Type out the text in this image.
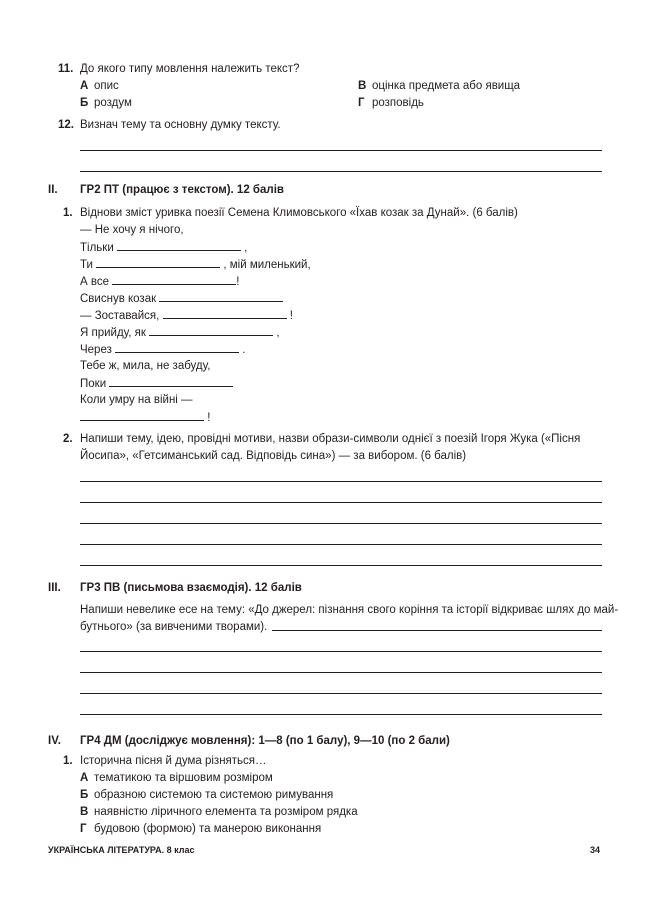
11. До якого типу мовлення належить текст?
А опис
Б роздум
В оцінка предмета або явища
Г розповідь
12. Визнач тему та основну думку тексту.
II. ГР2 ПТ (працює з текстом). 12 балів
1. Віднови зміст уривка поезії Семена Климовського «Їхав козак за Дунай». (6 балів)
— Не хочу я нічого,
Тільки	,
Ти	, мій миленький,
А все	!
Свиснув козак
— Зоставайся,	!
Я прийду, як	,
Через	.
Тебе ж, мила, не забуду,
Поки
Коли умру на війні —
!
2. Напиши тему, ідею, провідні мотиви, назви образи-символи однієї з поезій Ігоря Жука («Пісня
Йосипа», «Гетсиманський сад. Відповідь сина») — за вибором. (6 балів)
III. ГР3 ПВ (письмова взаємодія). 12 балів
Напиши невелике есе на тему: «До джерел: пізнання свого коріння та історії відкриває шлях до май-
бутнього» (за вивченими творами).
IV. ГР4 ДМ (досліджує мовлення): 1—8 (по 1 балу), 9—10 (по 2 бали)
1. Історична пісня й дума різняться…
А тематикою та віршовим розміром
Б образною системою та системою римування
В наявністю ліричного елемента та розміром рядка
Г будовою (формою) та манерою виконання
УКРАЇНСЬКА ЛІТЕРАТУРА. 8 клас	34
